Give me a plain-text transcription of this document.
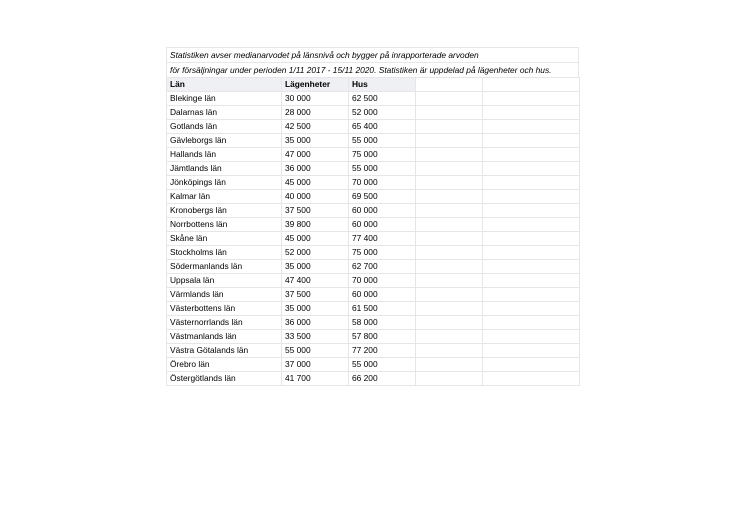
Statistiken avser medianarvodet på länsnivå och bygger på inrapporterade arvoden
för försäljningar under perioden 1/11 2017 - 15/11 2020. Statistiken är uppdelad på lägenheter och hus.
Län	Lägenheter	Hus		
Blekinge län	30 000	62 500		
Dalarnas län	28 000	52 000		
Gotlands län	42 500	65 400		
Gävleborgs län	35 000	55 000		
Hallands län	47 000	75 000		
Jämtlands län	36 000	55 000		
Jönköpings län	45 000	70 000		
Kalmar län	40 000	69 500		
Kronobergs län	37 500	60 000		
Norrbottens län	39 800	60 000		
Skåne län	45 000	77 400		
Stockholms län	52 000	75 000		
Södermanlands län	35 000	62 700		
Uppsala län	47 400	70 000		
Värmlands län	37 500	60 000		
Västerbottens län	35 000	61 500		
Västernorrlands län	36 000	58 000		
Västmanlands län	33 500	57 800		
Västra Götalands län	55 000	77 200		
Örebro län	37 000	55 000		
Östergötlands län	41 700	66 200		
